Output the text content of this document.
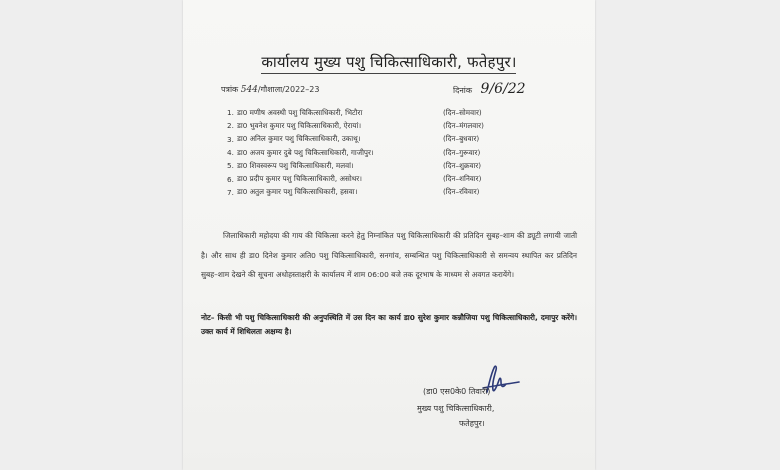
कार्यालय मुख्य पशु चिकित्साधिकारी, फतेहपुर।
पत्रांक 544/गौशाला/2022–23	दिनांक 9/6/22
1. डा0 मणीष अवस्थी पशु चिकित्साधिकारी, भिटौरा	(दिन–सोमवार)
2. डा0 भुवनेश कुमार पशु चिकित्साधिकारी, ऐरायां।	(दिन–मंगलवार)
3. डा0 अनिल कुमार पशु चिकित्साधिकारी, उकाथू।	(दिन–बुधवार)
4. डा0 अजय कुमार दुबे पशु चिकित्साधिकारी, गाजीपुर।	(दिन–गुरूवार)
5. डा0 शिवस्वरूप पशु चिकित्साधिकारी, मलवां।	(दिन–शुक्रवार)
6. डा0 प्रदीप कुमार पशु चिकित्साधिकारी, असोथर।	(दिन–शनिवार)
7. डा0 अतुल कुमार पशु चिकित्साधिकारी, हसवा।	(दिन–रविवार)

जिलाधिकारी महोदया की गाय की चिकित्सा करने हेतु निम्नांकित पशु चिकित्साधिकारी की प्रतिदिन सुबह–शाम की ड्यूटी लगायी जाती है। और साथ ही डा0 दिनेश कुमार अति0 पशु चिकित्साधिकारी, सनगांव, सम्बन्धित पशु चिकित्साधिकारी से समन्वय स्थापित कर प्रतिदिन सुबह–शाम देखने की सूचना अधोहस्ताक्षरी के कार्यालय में शाम 06:00 बजे तक दूरभाष के माध्यम से अवगत करायेंगे।

नोट– किसी भी पशु चिकित्साधिकारी की अनुपस्थिति में उस दिन का कार्य डा0 सुरेश कुमार कन्नौजिया पशु चिकित्साधिकारी, दमापुर करेंगे। उक्त कार्य में शिथिलता अक्षम्य है।

(डा0 एस0के0 तिवारी)
मुख्य पशु चिकित्साधिकारी,
फतेहपुर।
